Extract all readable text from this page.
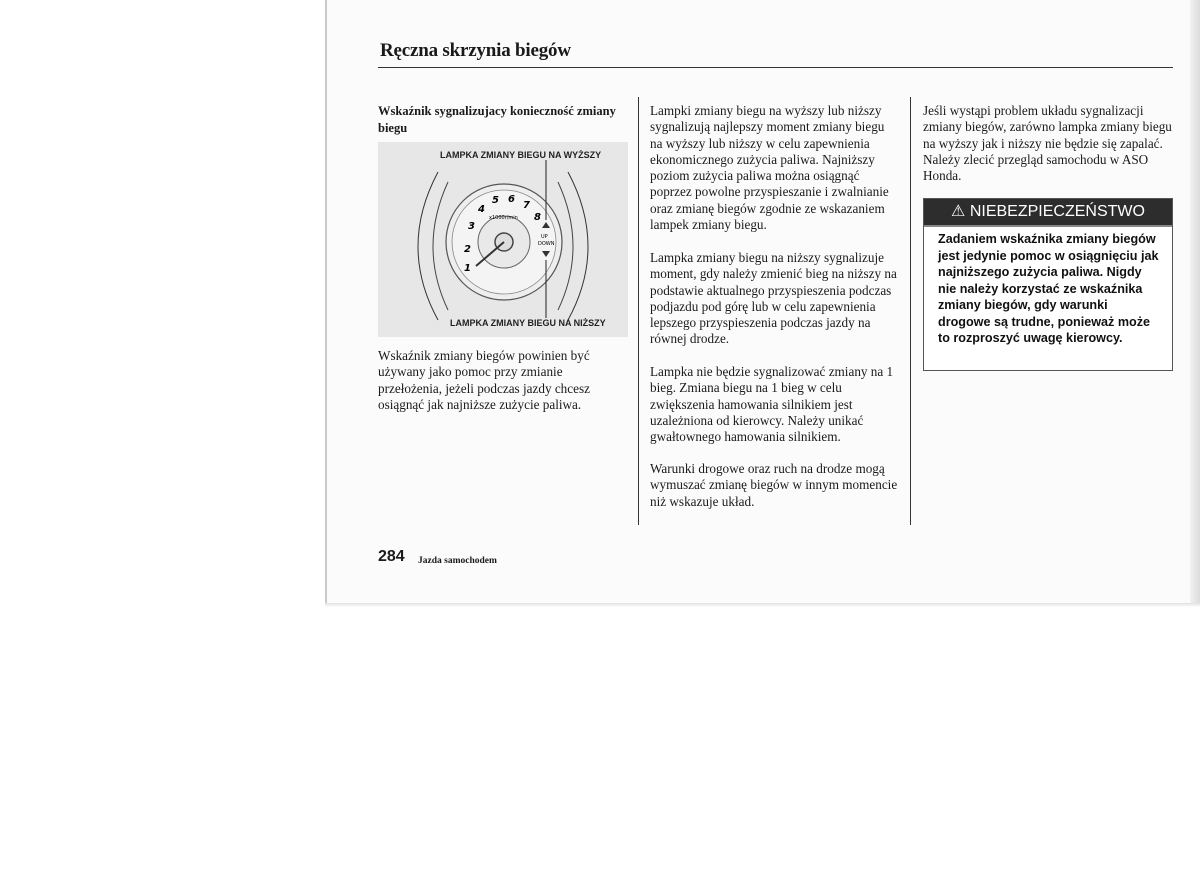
Ręczna skrzynia biegów
Wskaźnik sygnalizujacy konieczność zmiany biegu
1
2
3
4
5 6
7
8
x1000r/min
UP
DOWN
LAMPKA ZMIANY BIEGU NA WYŻSZY
LAMPKA ZMIANY BIEGU NA NIŻSZY

Wskaźnik zmiany biegów powinien być używany jako pomoc przy zmianie przełożenia, jeżeli podczas jazdy chcesz osiągnąć jak najniższe zużycie paliwa.

Lampki zmiany biegu na wyższy lub niższy sygnalizują najlepszy moment zmiany biegu na wyższy lub niższy w celu zapewnienia ekonomicznego zużycia paliwa. Najniższy poziom zużycia paliwa można osiągnąć poprzez powolne przyspieszanie i zwalnianie oraz zmianę biegów zgodnie ze wskazaniem lampek zmiany biegu.

Lampka zmiany biegu na niższy sygnalizuje moment, gdy należy zmienić bieg na niższy na podstawie aktualnego przyspieszenia podczas podjazdu pod górę lub w celu zapewnienia lepszego przyspieszenia podczas jazdy na równej drodze.

Lampka nie będzie sygnalizować zmiany na 1 bieg. Zmiana biegu na 1 bieg w celu zwiększenia hamowania silnikiem jest uzależniona od kierowcy. Należy unikać gwałtownego hamowania silnikiem.

Warunki drogowe oraz ruch na drodze mogą wymuszać zmianę biegów w innym momencie niż wskazuje układ.

Jeśli wystąpi problem układu sygnalizacji zmiany biegów, zarówno lampka zmiany biegu na wyższy jak i niższy nie będzie się zapalać. Należy zlecić przegląd samochodu w ASO Honda.

⚠ NIEBEZPIECZEŃSTWO
Zadaniem wskaźnika zmiany biegów jest jedynie pomoc w osiągnięciu jak najniższego zużycia paliwa. Nigdy nie należy korzystać ze wskaźnika zmiany biegów, gdy warunki drogowe są trudne, ponieważ może to rozproszyć uwagę kierowcy.
284 Jazda samochodem
